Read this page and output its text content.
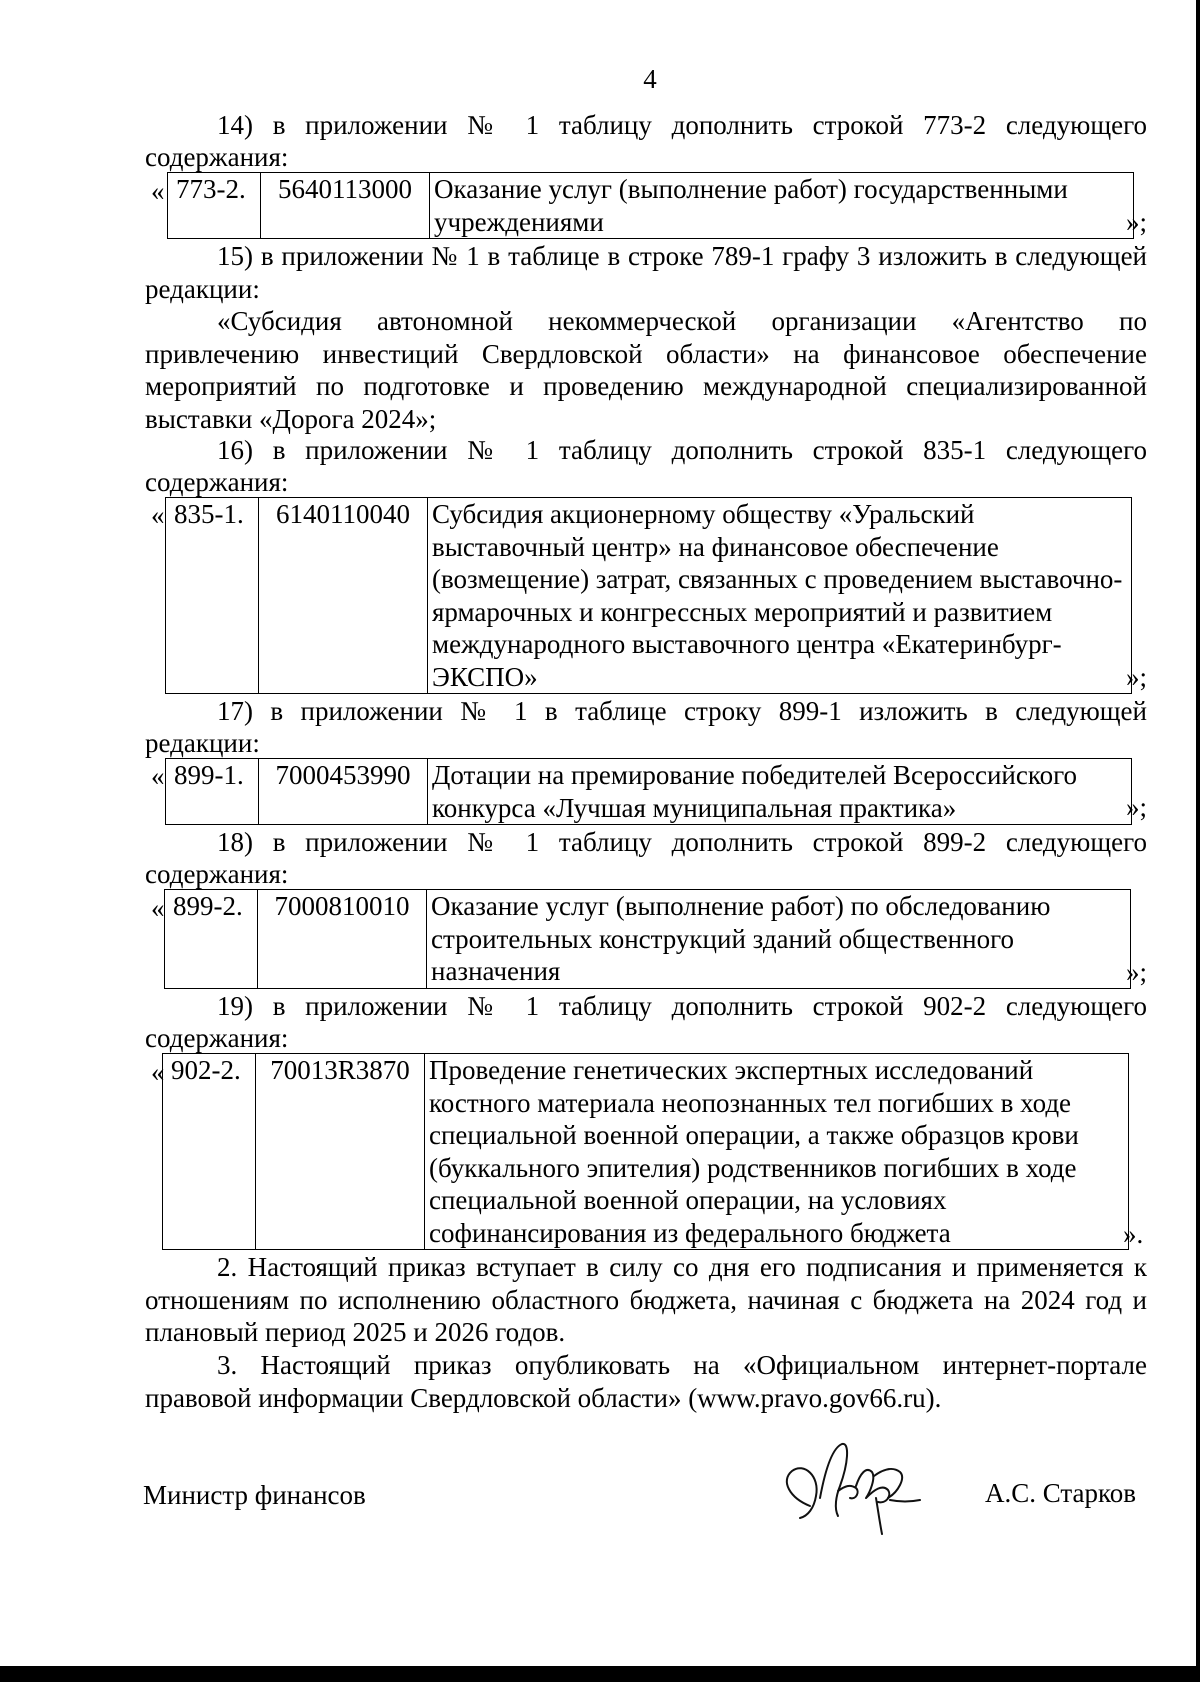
4

14) в приложении № 1 таблицу дополнить строкой 773-2 следующего

содержания:

« 773-2.	5640113000	Оказание услуг (выполнение работ) государственными учреждениями	»;

15) в приложении № 1 в таблице в строке 789-1 графу 3 изложить в следующей редакции:

«Субсидия автономной некоммерческой организации «Агентство по привлечению инвестиций Свердловской области» на финансовое обеспечение мероприятий по подготовке и проведению международной специализированной выставки «Дорога 2024»;

16) в приложении № 1 таблицу дополнить строкой 835-1 следующего

содержания:

« 835-1.	6140110040	Субсидия акционерному обществу «Уральский выставочный центр» на финансовое обеспечение (возмещение) затрат, связанных с проведением выставочно-ярмарочных и конгрессных мероприятий и развитием международного выставочного центра «Екатеринбург-ЭКСПО»	»;

17) в приложении № 1 в таблице строку 899-1 изложить в следующей

редакции:

« 899-1.	7000453990	Дотации на премирование победителей Всероссийского конкурса «Лучшая муниципальная практика»	»;

18) в приложении № 1 таблицу дополнить строкой 899-2 следующего

содержания:

« 899-2.	7000810010	Оказание услуг (выполнение работ) по обследованию строительных конструкций зданий общественного назначения	»;

19) в приложении № 1 таблицу дополнить строкой 902-2 следующего

содержания:

« 902-2.	70013R3870	Проведение генетических экспертных исследований костного материала неопознанных тел погибших в ходе специальной военной операции, а также образцов крови (буккального эпителия) родственников погибших в ходе специальной военной операции, на условиях софинансирования из федерального бюджета	».

2. Настоящий приказ вступает в силу со дня его подписания и применяется к отношениям по исполнению областного бюджета, начиная с бюджета на 2024 год и плановый период 2025 и 2026 годов.

3. Настоящий приказ опубликовать на «Официальном интернет-портале правовой информации Свердловской области» (www.pravo.gov66.ru).

Министр финансов	А.С. Старков
